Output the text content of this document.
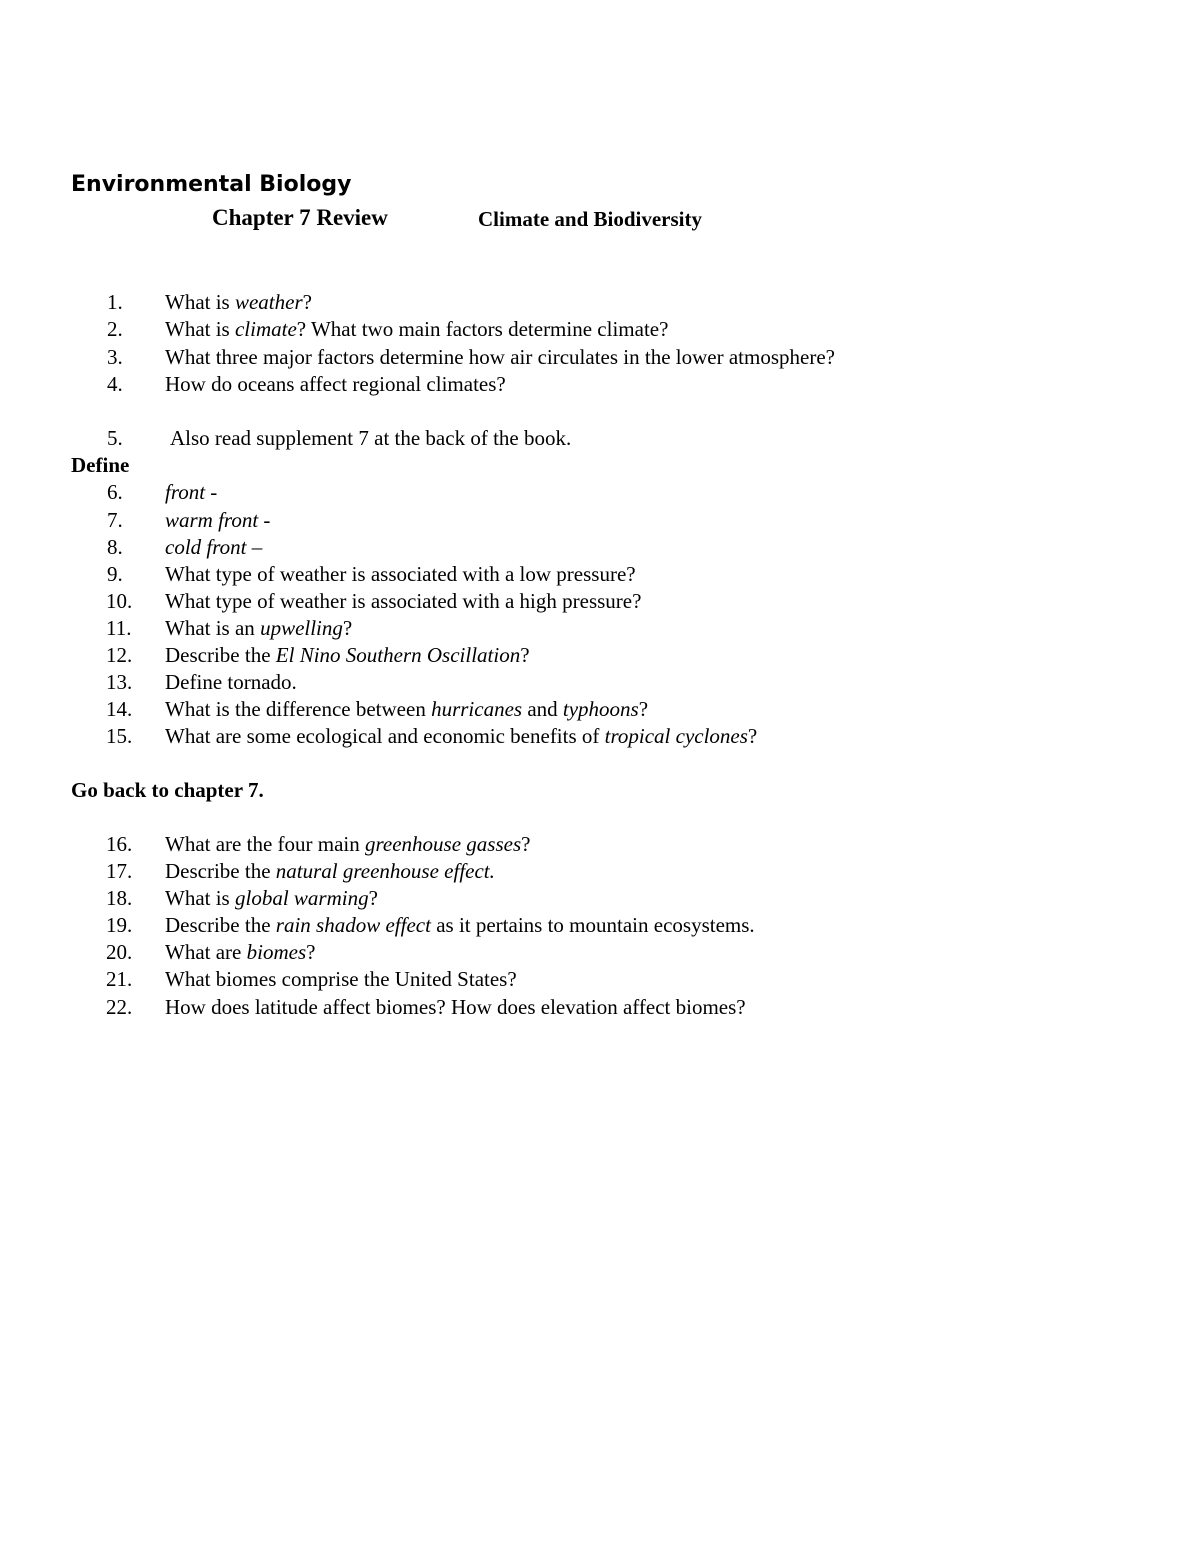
Environmental Biology
Chapter 7 Review	Climate and Biodiversity
1. What is weather?
2. What is climate? What two main factors determine climate?
3. What three major factors determine how air circulates in the lower atmosphere?
4. How do oceans affect regional climates?
5. Also read supplement 7 at the back of the book.
Define
6. front -
7. warm front -
8. cold front –
9. What type of weather is associated with a low pressure?
10. What type of weather is associated with a high pressure?
11. What is an upwelling?
12. Describe the El Nino Southern Oscillation?
13. Define tornado.
14. What is the difference between hurricanes and typhoons?
15. What are some ecological and economic benefits of tropical cyclones?
Go back to chapter 7.
16. What are the four main greenhouse gasses?
17. Describe the natural greenhouse effect.
18. What is global warming?
19. Describe the rain shadow effect as it pertains to mountain ecosystems.
20. What are biomes?
21. What biomes comprise the United States?
22. How does latitude affect biomes? How does elevation affect biomes?
